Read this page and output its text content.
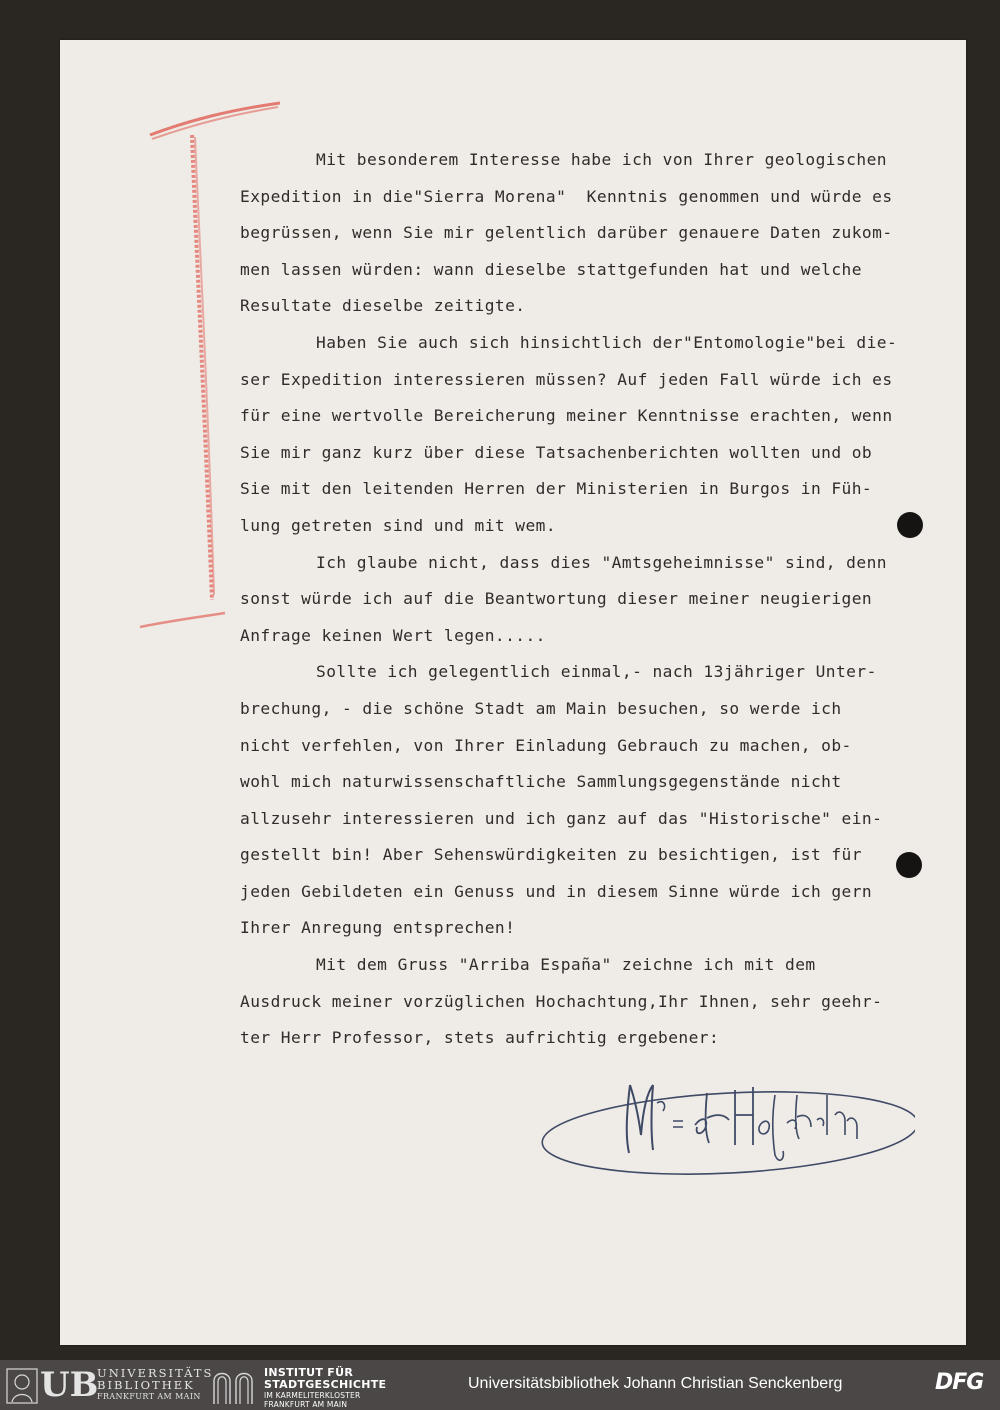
Mit besonderem Interesse habe ich von Ihrer geologischen
Expedition in die"Sierra Morena"  Kenntnis genommen und würde es
begrüssen, wenn Sie mir gelentlich darüber genauere Daten zukom-
men lassen würden: wann dieselbe stattgefunden hat und welche
Resultate dieselbe zeitigte.
Haben Sie auch sich hinsichtlich der"Entomologie"bei die-
ser Expedition interessieren müssen? Auf jeden Fall würde ich es
für eine wertvolle Bereicherung meiner Kenntnisse erachten, wenn
Sie mir ganz kurz über diese Tatsachenberichten wollten und ob
Sie mit den leitenden Herren der Ministerien in Burgos in Füh-
lung getreten sind und mit wem.
Ich glaube nicht, dass dies "Amtsgeheimnisse" sind, denn
sonst würde ich auf die Beantwortung dieser meiner neugierigen
Anfrage keinen Wert legen.....
Sollte ich gelegentlich einmal,- nach 13jähriger Unter-
brechung, - die schöne Stadt am Main besuchen, so werde ich
nicht verfehlen, von Ihrer Einladung Gebrauch zu machen, ob-
wohl mich naturwissenschaftliche Sammlungsgegenstände nicht
allzusehr interessieren und ich ganz auf das "Historische" ein-
gestellt bin! Aber Sehenswürdigkeiten zu besichtigen, ist für
jeden Gebildeten ein Genuss und in diesem Sinne würde ich gern
Ihrer Anregung entsprechen!
Mit dem Gruss "Arriba España" zeichne ich mit dem
Ausdruck meiner vorzüglichen Hochachtung,Ihr Ihnen, sehr geehr-
ter Herr Professor, stets aufrichtig ergebener:
UB
UNIVERSITÄTS
BIBLIOTHEK
FRANKFURT AM MAIN
INSTITUT FÜR
STADTGESCHICHTE
IM KARMELITERKLOSTER
FRANKFURT AM MAIN
Universitätsbibliothek Johann Christian Senckenberg	DFG
